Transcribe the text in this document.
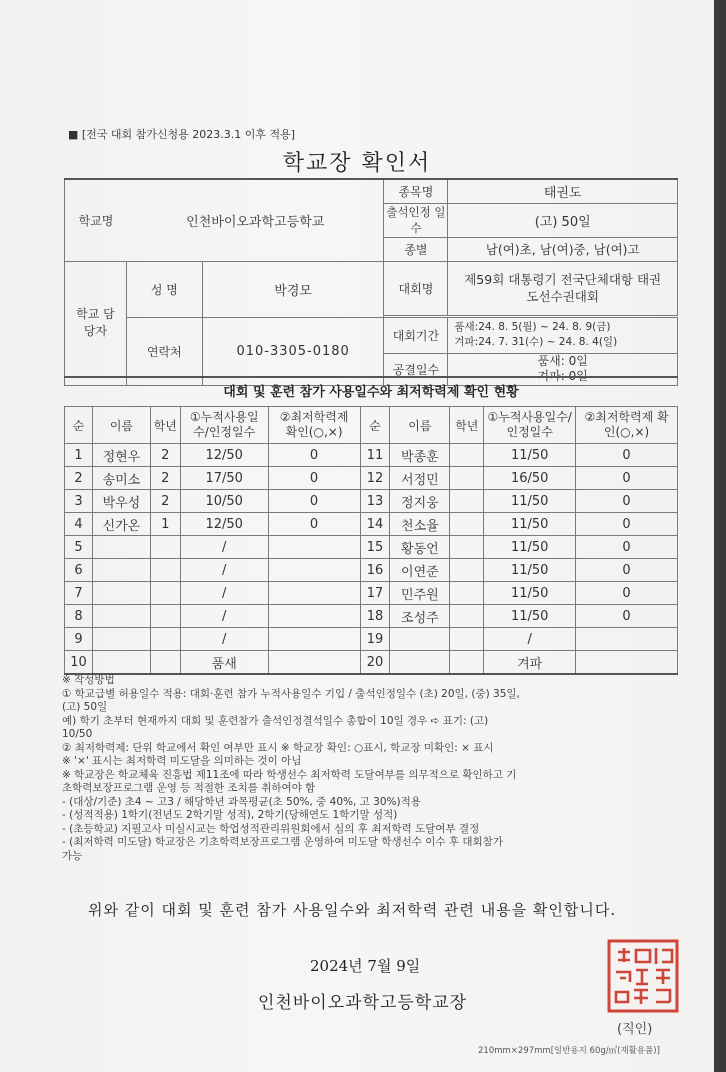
■ [전국 대회 참가신청용 2023.3.1 이후 적용]
학교장 확인서
학교명 인천바이오과학고등학교			종목명	태권도
			출석인정 일수	(고) 50일
			종별	남(여)초, 남(여)중, 남(여)고
학교 담당자	성 명	박경모	대회명	제59회 대통령기 전국단체대항 태권도선수권대회

	연락처	010-3305-0180	대회기간	품새:24. 8. 5(월) ~ 24. 8. 9(금)
겨파:24. 7. 31(수) ~ 24. 8. 4(일)

			공결일수	품새: 0일
겨파: 0일
대회 및 훈련 참가 사용일수와 최저학력제 확인 현황
순	이름	학년	①누적사용일수/인정일수	②최저학력제 확인(○,×)	순	이름	학년	①누적사용일수/인정일수	②최저학력제 확인(○,×)
1	정현우	2	12/50	0	11	박종훈		11/50	0
2	송미소	2	17/50	0	12	서정민		16/50	0
3	박우성	2	10/50	0	13	정지웅		11/50	0
4	신가온	1	12/50	0	14	천소율		11/50	0
5			/		15	황동언		11/50	0
6			/		16	이연준		11/50	0
7			/		17	민주원		11/50	0
8			/		18	조성주		11/50	0
9			/		19			/	
10			품새		20			겨파	
※ 작성방법
① 학교급별 허용일수 적용: 대회·훈련 참가 누적사용일수 기입 / 출석인정일수 (초) 20일, (중) 35일,
(고) 50일
예) 학기 초부터 현재까지 대회 및 훈련참가 출석인정결석일수 총합이 10일 경우 ➪ 표기: (고)
10/50
② 최저학력제: 단위 학교에서 확인 여부만 표시 ※ 학교장 확인: ○표시, 학교장 미확인: × 표시
※ '×' 표시는 최저학력 미도달을 의미하는 것이 아님
※ 학교장은 학교체육 진흥법 제11조에 따라 학생선수 최저학력 도달여부를 의무적으로 확인하고 기
초학력보장프로그램 운영 등 적절한 조치를 취하여야 함
- (대상/기준) 초4 ~ 고3 / 해당학년 과목평균(초 50%, 중 40%, 고 30%)적용
- (성적적용) 1학기(전년도 2학기말 성적), 2학기(당해연도 1학기말 성적)
- (초등학교) 지필고사 미실시교는 학업성적관리위원회에서 심의 후 최저학력 도달여부 결정
- (최저학력 미도달) 학교장은 기초학력보장프로그램 운영하여 미도달 학생선수 이수 후 대회참가
가능
위와 같이 대회 및 훈련 참가 사용일수와 최저학력 관련 내용을 확인합니다.
2024년 7월 9일
인천바이오과학고등학교장
(직인)
210mm×297mm[일반용지 60g/㎡(재활용품)]
